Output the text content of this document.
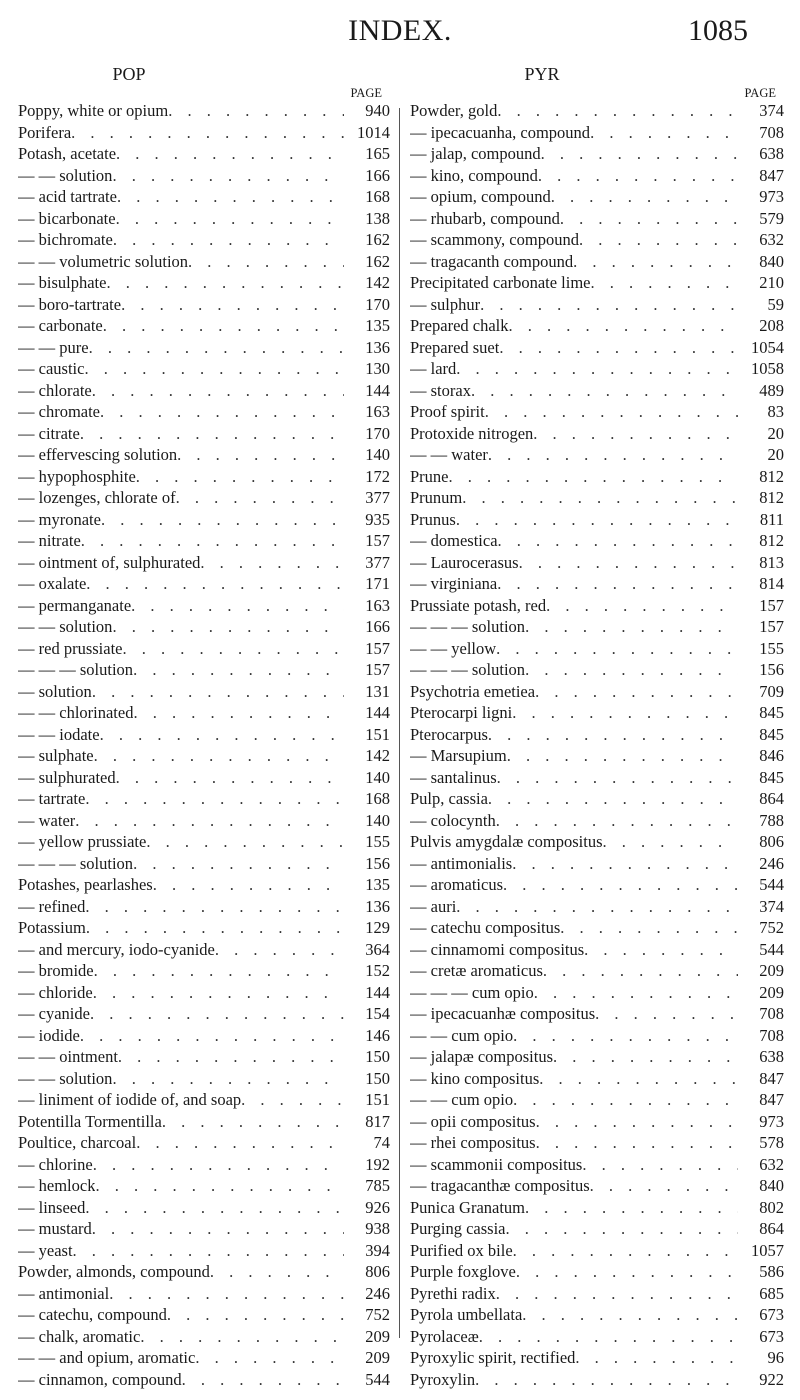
INDEX.	1085
POP
PAGE
Poppy, white or opium . . .	940
Porifera . . .	1014
Potash, acetate . . .	165
— — solution . . .	166
— acid tartrate . . .	168
— bicarbonate . . .	138
— bichromate . . .	162
— — volumetric solution . . .	162
— bisulphate . . .	142
— boro-tartrate . . .	170
— carbonate . . .	135
— — pure . . .	136
— caustic . . .	130
— chlorate . . .	144
— chromate . . .	163
— citrate . . .	170
— effervescing solution . . .	140
— hypophosphite . . .	172
— lozenges, chlorate of . . .	377
— myronate . . .	935
— nitrate . . .	157
— ointment of, sulphurated . . .	377
— oxalate . . .	171
— permanganate . . .	163
— — solution . . .	166
— red prussiate . . .	157
— — — solution . . .	157
— solution . . .	131
— — chlorinated . . .	144
— — iodate . . .	151
— sulphate . . .	142
— sulphurated . . .	140
— tartrate . . .	168
— water . . .	140
— yellow prussiate . . .	155
— — — solution . . .	156
Potashes, pearlashes . . .	135
— refined . . .	136
Potassium . . .	129
— and mercury, iodo-cyanide . . .	364
— bromide . . .	152
— chloride . . .	144
— cyanide . . .	154
— iodide . . .	146
— — ointment . . .	150
— — solution . . .	150
— liniment of iodide of, and soap . . .	151
Potentilla Tormentilla . . .	817
Poultice, charcoal . . .	74
— chlorine . . .	192
— hemlock . . .	785
— linseed . . .	926
— mustard . . .	938
— yeast . . .	394
Powder, almonds, compound . . .	806
— antimonial . . .	246
— catechu, compound . . .	752
— chalk, aromatic . . .	209
— — and opium, aromatic . . .	209
— cinnamon, compound . . .	544
PYR
PAGE
Powder, gold . . .	374
— ipecacuanha, compound . . .	708
— jalap, compound . . .	638
— kino, compound . . .	847
— opium, compound . . .	973
— rhubarb, compound . . .	579
— scammony, compound . . .	632
— tragacanth compound . . .	840
Precipitated carbonate lime . . .	210
— sulphur . . .	59
Prepared chalk . . .	208
Prepared suet . . .	1054
— lard . . .	1058
— storax . . .	489
Proof spirit . . .	83
Protoxide nitrogen . . .	20
— — water . . .	20
Prune . . .	812
Prunum . . .	812
Prunus . . .	811
— domestica . . .	812
— Laurocerasus . . .	813
— virginiana . . .	814
Prussiate potash, red . . .	157
— — — solution . . .	157
— — yellow . . .	155
— — — solution . . .	156
Psychotria emetiea . . .	709
Pterocarpi ligni . . .	845
Pterocarpus . . .	845
— Marsupium . . .	846
— santalinus . . .	845
Pulp, cassia . . .	864
— colocynth . . .	788
Pulvis amygdalæ compositus . . .	806
— antimonialis . . .	246
— aromaticus . . .	544
— auri . . .	374
— catechu compositus . . .	752
— cinnamomi compositus . . .	544
— cretæ aromaticus . . .	209
— — — cum opio . . .	209
— ipecacuanhæ compositus . . .	708
— — cum opio . . .	708
— jalapæ compositus . . .	638
— kino compositus . . .	847
— — cum opio . . .	847
— opii compositus . . .	973
— rhei compositus . . .	578
— scammonii compositus . . .	632
— tragacanthæ compositus . . .	840
Punica Granatum . . .	802
Purging cassia . . .	864
Purified ox bile . . .	1057
Purple foxglove . . .	586
Pyrethi radix . . .	685
Pyrola umbellata . . .	673
Pyrolaceæ . . .	673
Pyroxylic spirit, rectified . . .	96
Pyroxylin . . .	922
